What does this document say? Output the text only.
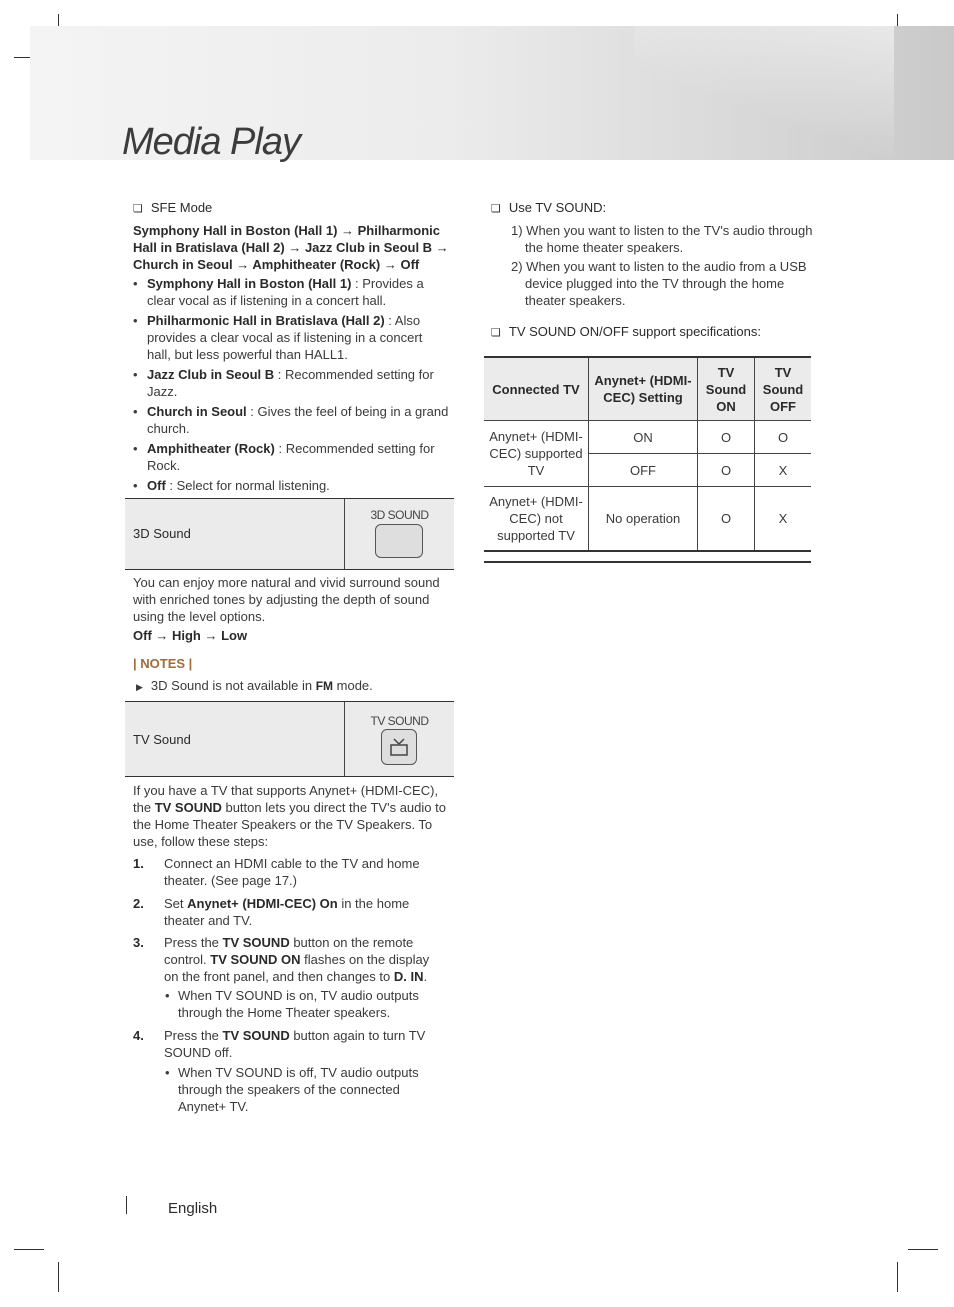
Media Play
❏ SFE Mode

Symphony Hall in Boston (Hall 1) → Philharmonic Hall in Bratislava (Hall 2) → Jazz Club in Seoul B → Church in Seoul → Amphitheater (Rock) → Off

• Symphony Hall in Boston (Hall 1) : Provides a clear vocal as if listening in a concert hall.
• Philharmonic Hall in Bratislava (Hall 2) : Also provides a clear vocal as if listening in a concert hall, but less powerful than HALL1.
• Jazz Club in Seoul B : Recommended setting for Jazz.
• Church in Seoul : Gives the feel of being in a grand church.
• Amphitheater (Rock) : Recommended setting for Rock.
• Off : Select for normal listening.
3D Sound
3D SOUND

You can enjoy more natural and vivid surround sound with enriched tones by adjusting the depth of sound using the level options.

Off → High → Low

| NOTES |
▶ 3D Sound is not available in FM mode.
TV Sound
TV SOUND

If you have a TV that supports Anynet+ (HDMI-CEC), the TV SOUND button lets you direct the TV's audio to the Home Theater Speakers or the TV Speakers. To use, follow these steps:

1. Connect an HDMI cable to the TV and home theater. (See page 17.)
2. Set Anynet+ (HDMI-CEC) On in the home theater and TV.
3. Press the TV SOUND button on the remote control. TV SOUND ON flashes on the display on the front panel, and then changes to D. IN.
• When TV SOUND is on, TV audio outputs through the Home Theater speakers.
4. Press the TV SOUND button again to turn TV SOUND off.
• When TV SOUND is off, TV audio outputs through the speakers of the connected Anynet+ TV.
❏ Use TV SOUND:
1) When you want to listen to the TV's audio through the home theater speakers.
2) When you want to listen to the audio from a USB device plugged into the TV through the home theater speakers.
❏ TV SOUND ON/OFF support specifications:
Connected TV	Anynet+ (HDMI-CEC) Setting	TV Sound ON	TV Sound OFF
Anynet+ (HDMI-CEC) supported TV	ON	O	O
	OFF	O	X
Anynet+ (HDMI-CEC) not supported TV	No operation	O	X
English
